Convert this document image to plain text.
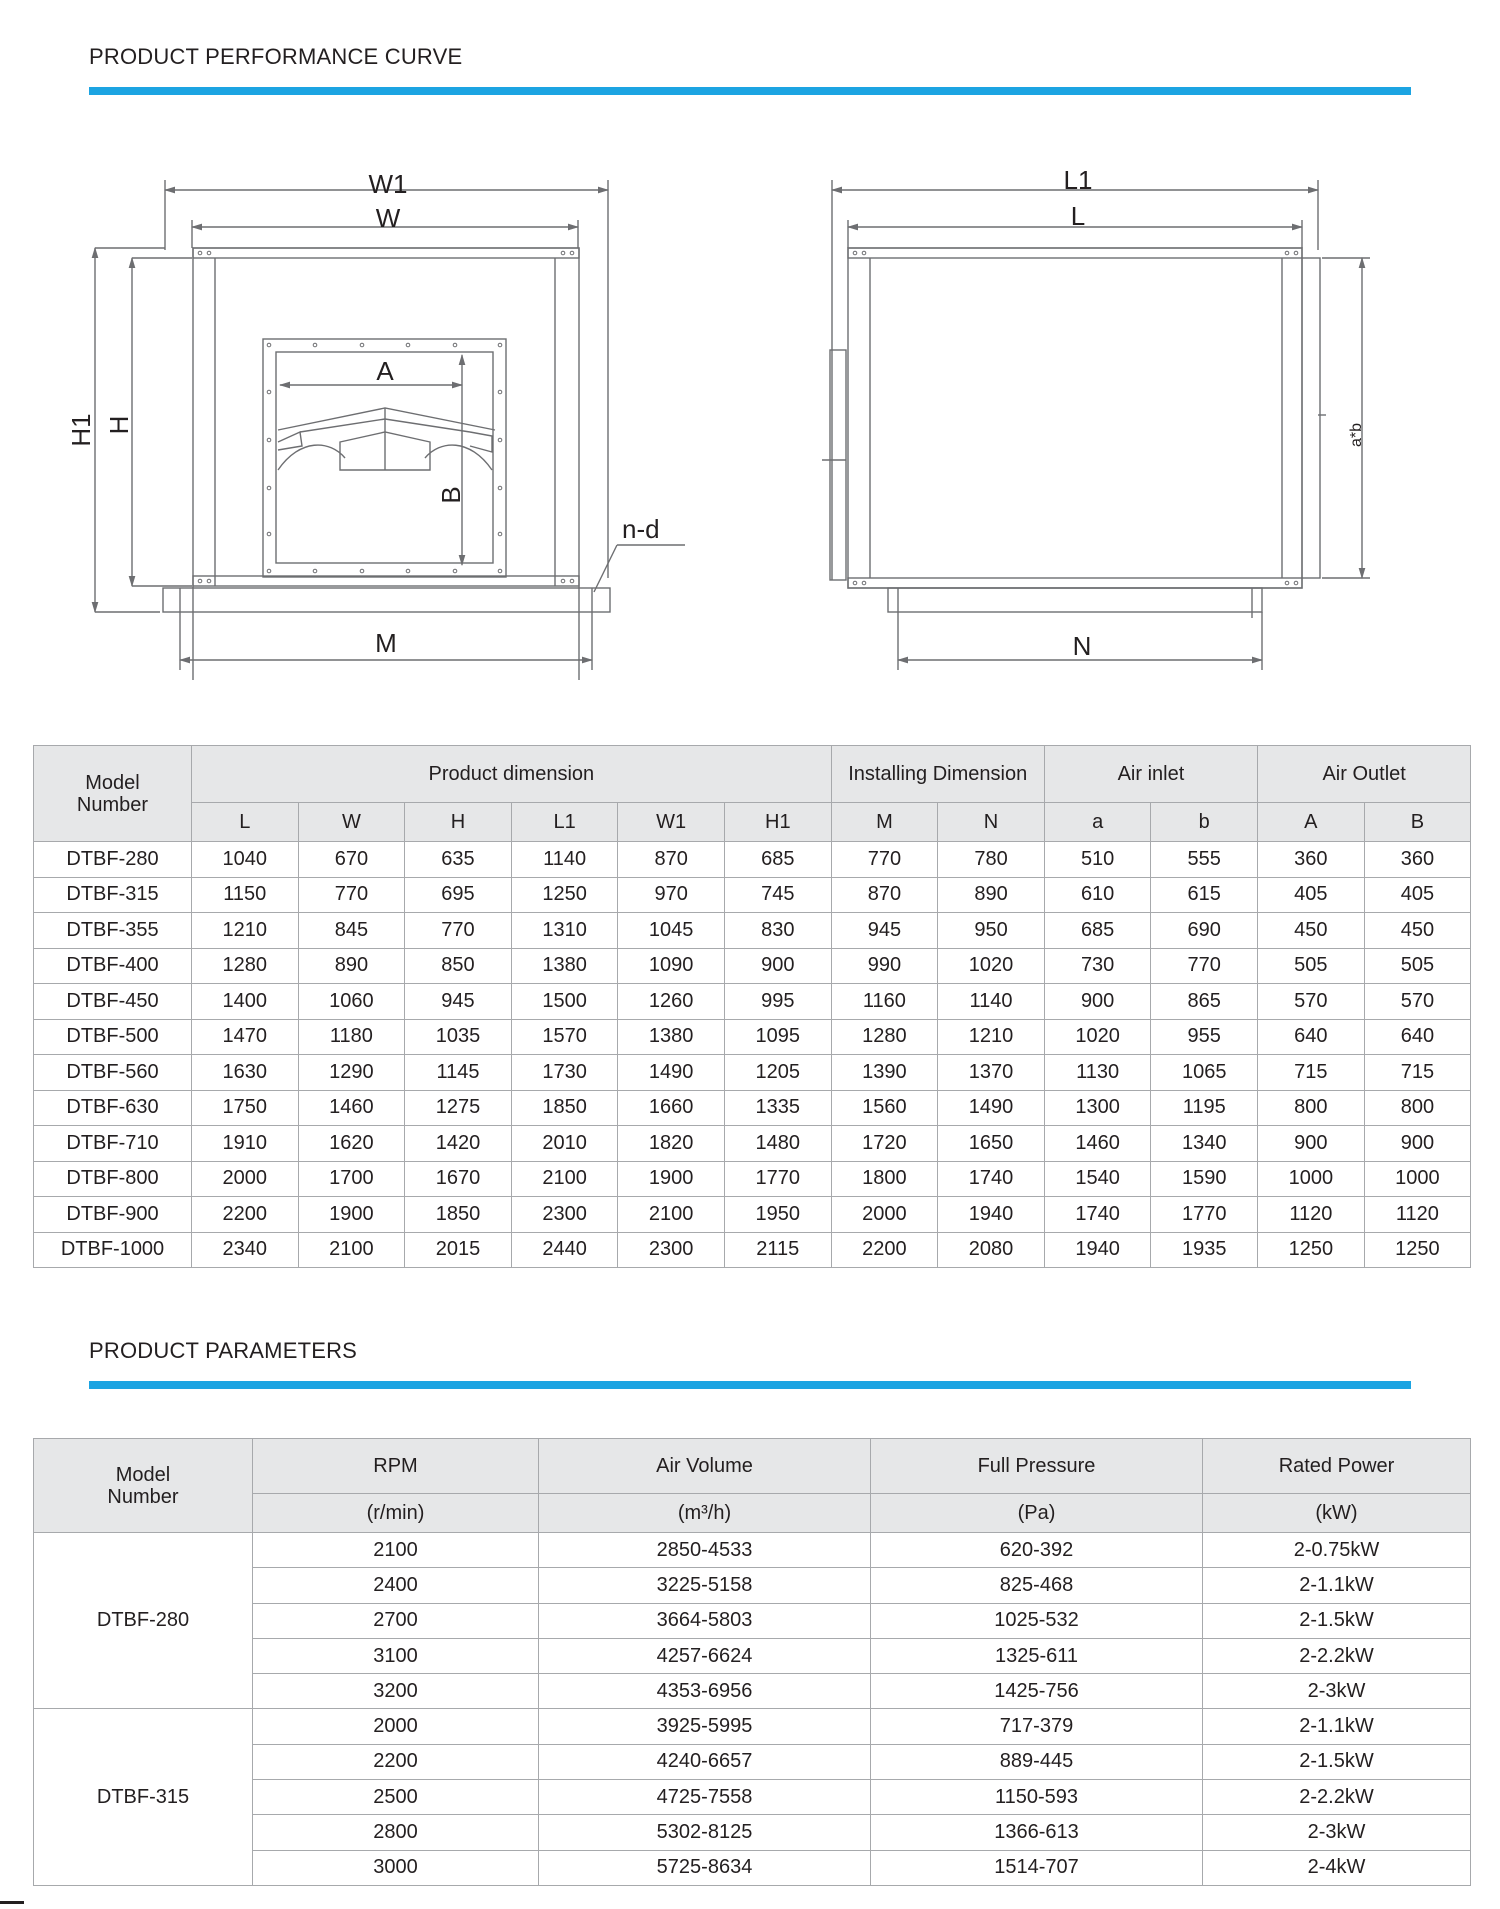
PRODUCT PERFORMANCE CURVE
W1
W
A
H1 H
B
n-d
M
L1
L
N
a*b
Model
Number	Product dimension						Installing Dimension		Air inlet		Air Outlet	
	L	W	H	L1	W1	H1	M	N	a	b	A	B
DTBF-280	1040	670	635	1140	870	685	770	780	510	555	360	360
DTBF-315	1150	770	695	1250	970	745	870	890	610	615	405	405
DTBF-355	1210	845	770	1310	1045	830	945	950	685	690	450	450
DTBF-400	1280	890	850	1380	1090	900	990	1020	730	770	505	505
DTBF-450	1400	1060	945	1500	1260	995	1160	1140	900	865	570	570
DTBF-500	1470	1180	1035	1570	1380	1095	1280	1210	1020	955	640	640
DTBF-560	1630	1290	1145	1730	1490	1205	1390	1370	1130	1065	715	715
DTBF-630	1750	1460	1275	1850	1660	1335	1560	1490	1300	1195	800	800
DTBF-710	1910	1620	1420	2010	1820	1480	1720	1650	1460	1340	900	900
DTBF-800	2000	1700	1670	2100	1900	1770	1800	1740	1540	1590	1000	1000
DTBF-900	2200	1900	1850	2300	2100	1950	2000	1940	1740	1770	1120	1120
DTBF-1000	2340	2100	2015	2440	2300	2115	2200	2080	1940	1935	1250	1250
PRODUCT PARAMETERS
Model
Number	RPM	Air Volume	Full Pressure	Rated Power
	(r/min)	(m³/h)	(Pa)	(kW)
DTBF-280	2100	2850-4533	620-392	2-0.75kW
	2400	3225-5158	825-468	2-1.1kW
	2700	3664-5803	1025-532	2-1.5kW
	3100	4257-6624	1325-611	2-2.2kW
	3200	4353-6956	1425-756	2-3kW
DTBF-315	2000	3925-5995	717-379	2-1.1kW
	2200	4240-6657	889-445	2-1.5kW
	2500	4725-7558	1150-593	2-2.2kW
	2800	5302-8125	1366-613	2-3kW
	3000	5725-8634	1514-707	2-4kW
